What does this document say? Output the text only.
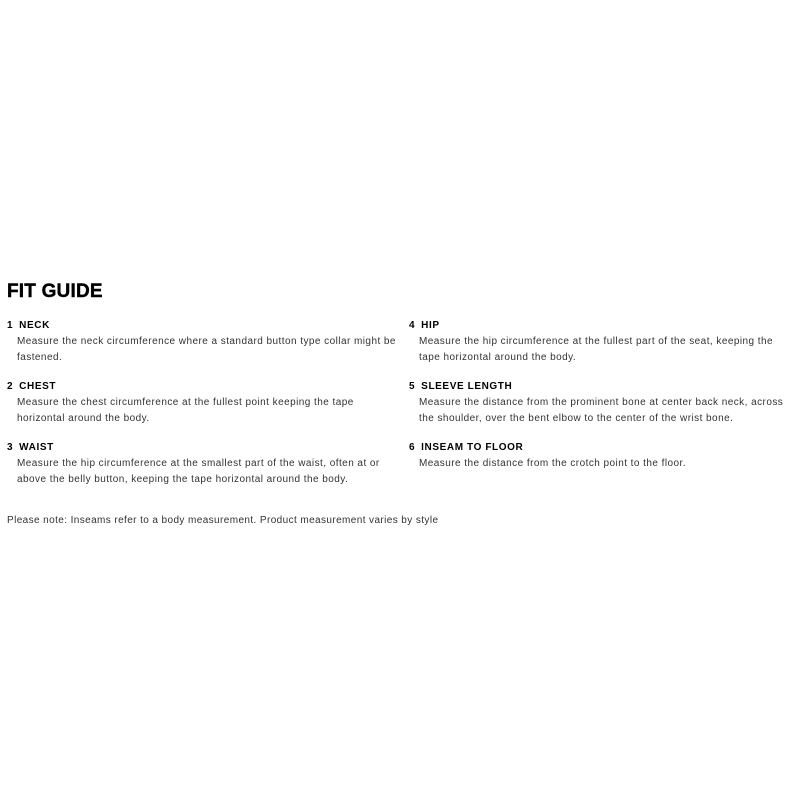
FIT GUIDE
1 NECK
Measure the neck circumference where a standard button type collar might be fastened.
2 CHEST
Measure the chest circumference at the fullest point keeping the tape horizontal around the body.
3 WAIST
Measure the hip circumference at the smallest part of the waist, often at or above the belly button, keeping the tape horizontal around the body.
4 HIP
Measure the hip circumference at the fullest part of the seat, keeping the tape horizontal around the body.
5 SLEEVE LENGTH
Measure the distance from the prominent bone at center back neck, across the shoulder, over the bent elbow to the center of the wrist bone.
6 INSEAM TO FLOOR
Measure the distance from the crotch point to the floor.
Please note: Inseams refer to a body measurement. Product measurement varies by style
